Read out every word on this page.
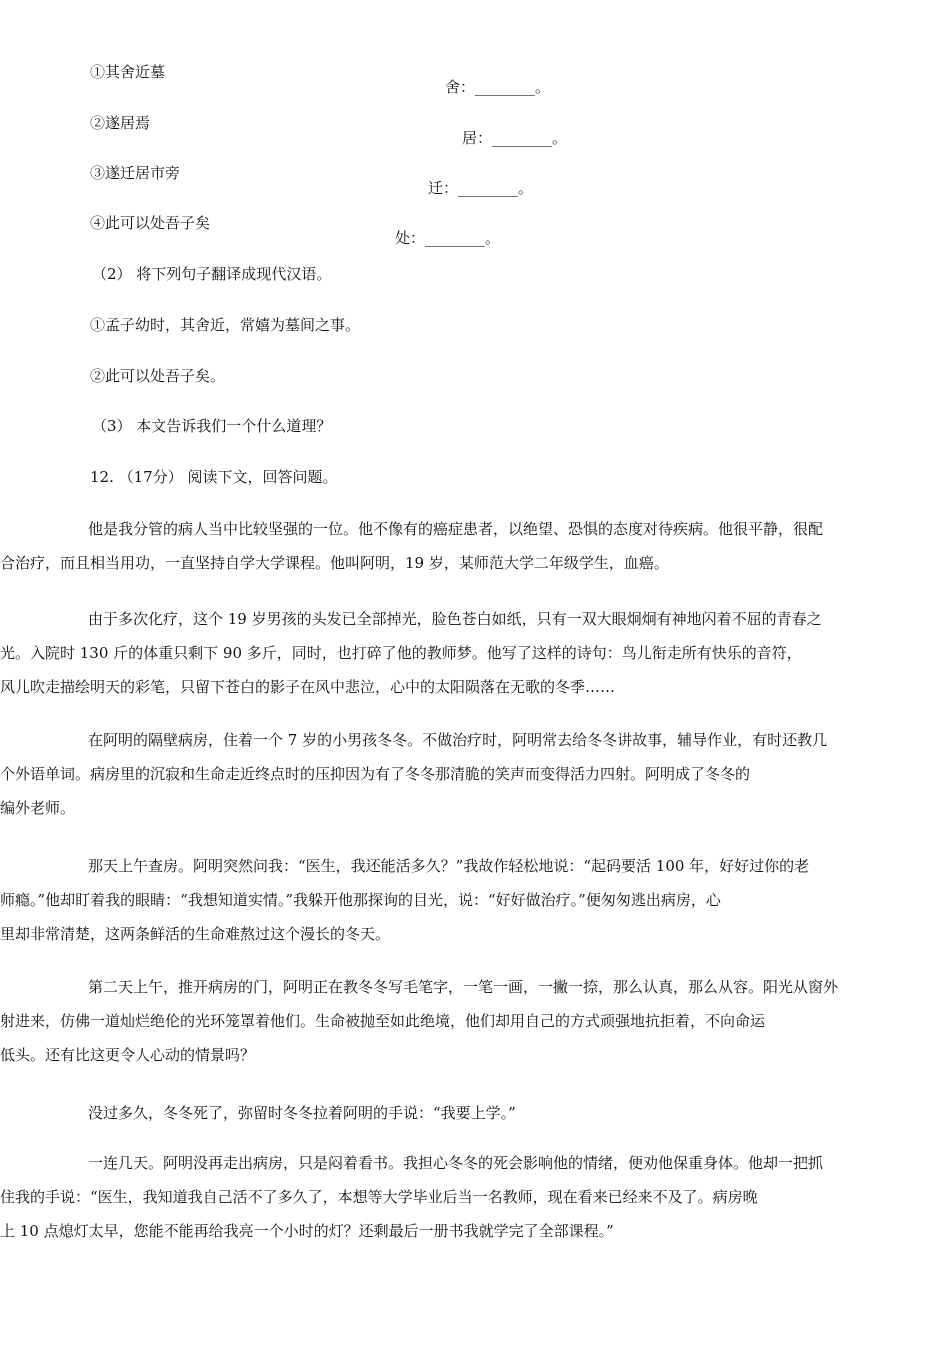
①其舍近墓

舍：________。

②遂居焉

居：________。

③遂迁居市旁

迁：________。

④此可以处吾子矣

处：________。

（2） 将下列句子翻译成现代汉语。

①孟子幼时，其舍近，常嬉为墓间之事。

②此可以处吾子矣。

（3） 本文告诉我们一个什么道理？

12. （17分） 阅读下文，回答问题。

他是我分管的病人当中比较坚强的一位。他不像有的癌症患者，以绝望、恐惧的态度对待疾病。他很平静，很配
合治疗，而且相当用功，一直坚持自学大学课程。他叫阿明，19 岁，某师范大学二年级学生，血癌。
由于多次化疗，这个 19 岁男孩的头发已全部掉光，脸色苍白如纸，只有一双大眼炯炯有神地闪着不屈的青春之
光。入院时 130 斤的体重只剩下 90 多斤，同时，也打碎了他的教师梦。他写了这样的诗句：鸟儿衔走所有快乐的音符，
风儿吹走描绘明天的彩笔，只留下苍白的影子在风中悲泣，心中的太阳陨落在无歌的冬季……
在阿明的隔壁病房，住着一个 7 岁的小男孩冬冬。不做治疗时，阿明常去给冬冬讲故事，辅导作业，有时还教几
个外语单词。病房里的沉寂和生命走近终点时的压抑因为有了冬冬那清脆的笑声而变得活力四射。阿明成了冬冬的
编外老师。
那天上午查房。阿明突然问我：“医生，我还能活多久？”我故作轻松地说：“起码要活 100 年，好好过你的老
师瘾。”他却盯着我的眼睛：“我想知道实情。”我躲开他那探询的目光，说：“好好做治疗。”便匆匆逃出病房，心
里却非常清楚，这两条鲜活的生命难熬过这个漫长的冬天。
第二天上午，推开病房的门，阿明正在教冬冬写毛笔字，一笔一画，一撇一捺，那么认真，那么从容。阳光从窗外
射进来，仿佛一道灿烂绝伦的光环笼罩着他们。生命被抛至如此绝境，他们却用自己的方式顽强地抗拒着，不向命运
低头。还有比这更令人心动的情景吗？
没过多久，冬冬死了，弥留时冬冬拉着阿明的手说：“我要上学。”
一连几天。阿明没再走出病房，只是闷着看书。我担心冬冬的死会影响他的情绪，便劝他保重身体。他却一把抓
住我的手说：“医生，我知道我自己活不了多久了，本想等大学毕业后当一名教师，现在看来已经来不及了。病房晚
上 10 点熄灯太早，您能不能再给我亮一个小时的灯？还剩最后一册书我就学完了全部课程。”
